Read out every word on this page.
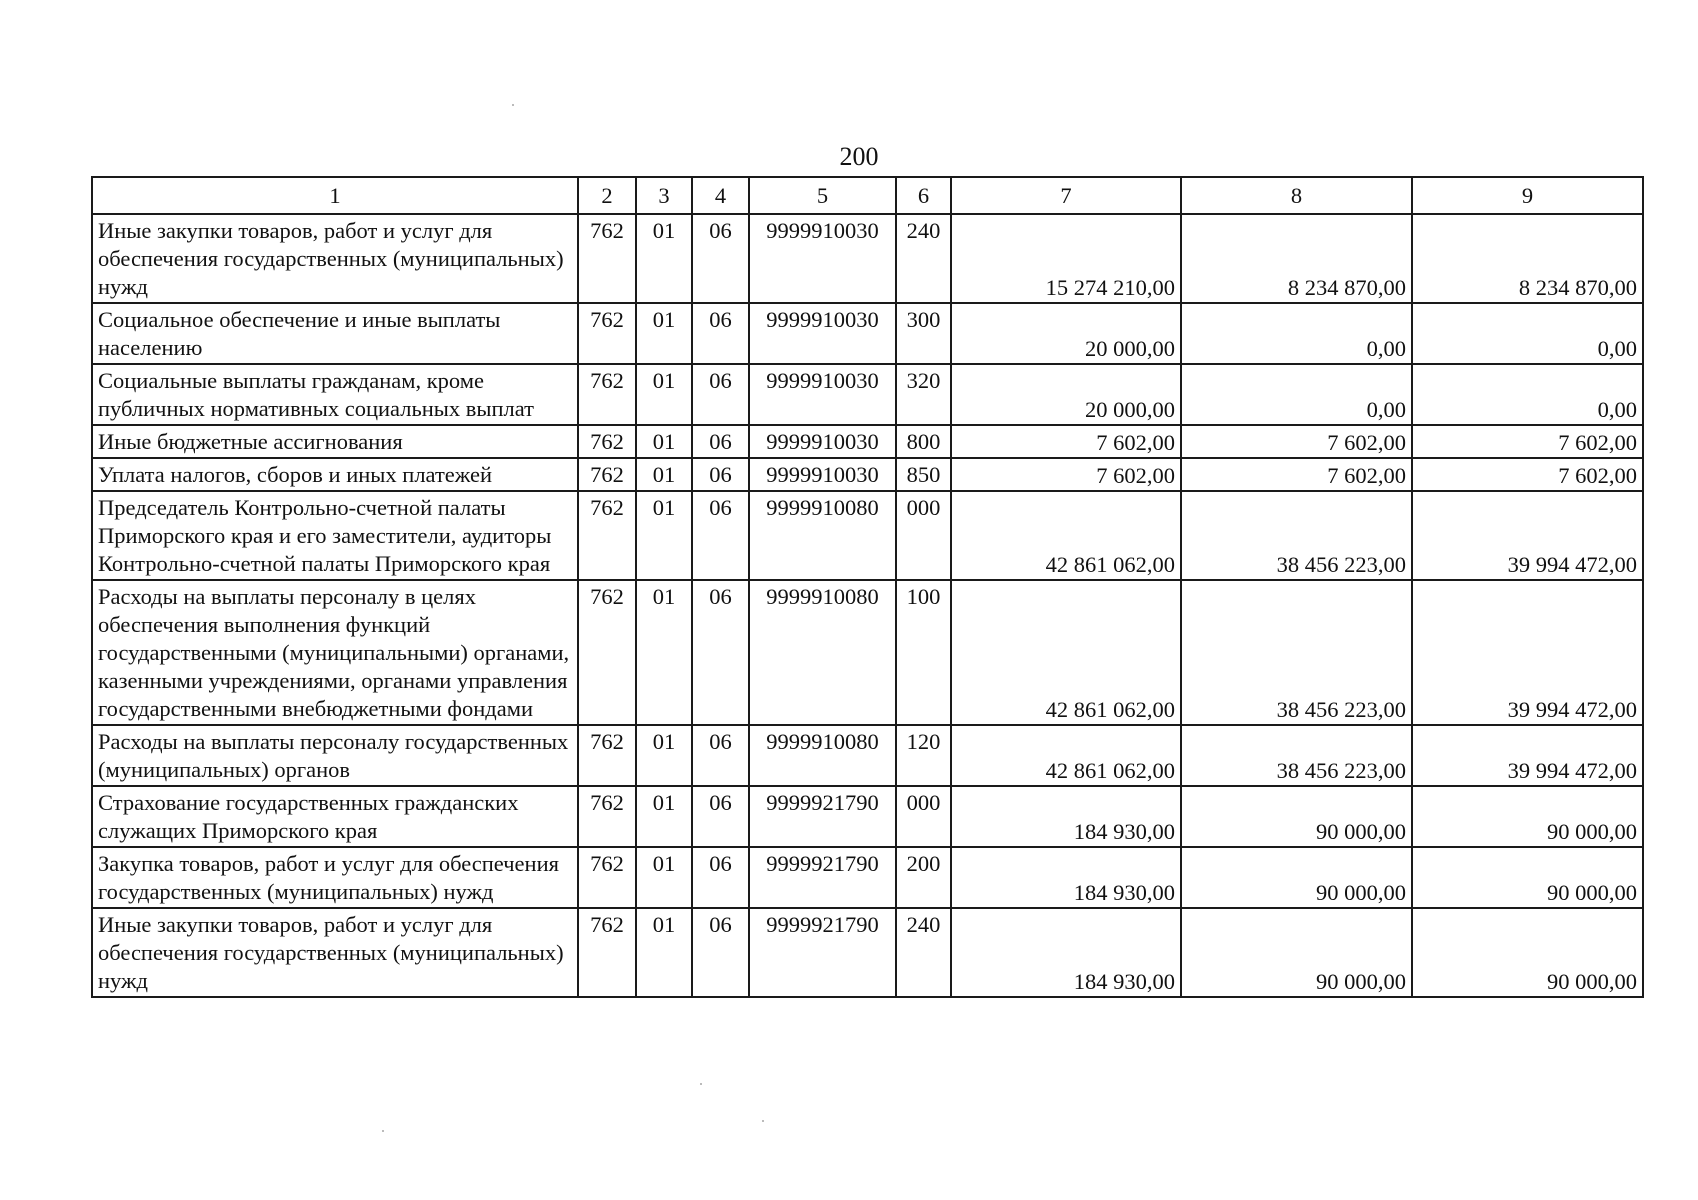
200
1	2	3	4	5	6	7	8	9
Иные закупки товаров, работ и услуг для обеспечения государственных (муниципальных) нужд	762	01	06	9999910030	240	15 274 210,00	8 234 870,00	8 234 870,00
Социальное обеспечение и иные выплаты населению	762	01	06	9999910030	300	20 000,00	0,00	0,00
Социальные выплаты гражданам, кроме публичных нормативных социальных выплат	762	01	06	9999910030	320	20 000,00	0,00	0,00
Иные бюджетные ассигнования	762	01	06	9999910030	800	7 602,00	7 602,00	7 602,00
Уплата налогов, сборов и иных платежей	762	01	06	9999910030	850	7 602,00	7 602,00	7 602,00
Председатель Контрольно-счетной палаты Приморского края и его заместители, аудиторы Контрольно-счетной палаты Приморского края	762	01	06	9999910080	000	42 861 062,00	38 456 223,00	39 994 472,00
Расходы на выплаты персоналу в целях обеспечения выполнения функций государственными (муниципальными) органами, казенными учреждениями, органами управления государственными внебюджетными фондами	762	01	06	9999910080	100	42 861 062,00	38 456 223,00	39 994 472,00
Расходы на выплаты персоналу государственных (муниципальных) органов	762	01	06	9999910080	120	42 861 062,00	38 456 223,00	39 994 472,00
Страхование государственных гражданских служащих Приморского края	762	01	06	9999921790	000	184 930,00	90 000,00	90 000,00
Закупка товаров, работ и услуг для обеспечения государственных (муниципальных) нужд	762	01	06	9999921790	200	184 930,00	90 000,00	90 000,00
Иные закупки товаров, работ и услуг для обеспечения государственных (муниципальных) нужд	762	01	06	9999921790	240	184 930,00	90 000,00	90 000,00
